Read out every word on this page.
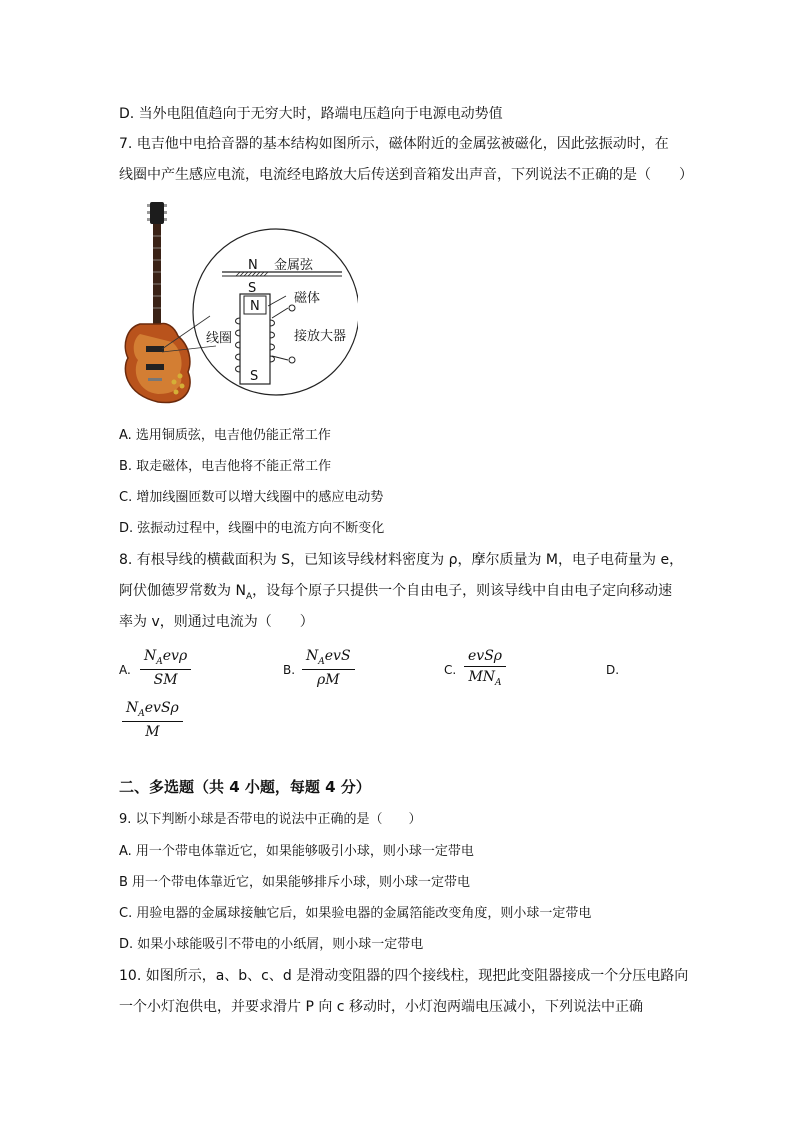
D. 当外电阻值趋向于无穷大时，路端电压趋向于电源电动势值
7. 电吉他中电拾音器的基本结构如图所示，磁体附近的金属弦被磁化，因此弦振动时，在
线圈中产生感应电流，电流经电路放大后传送到音箱发出声音，下列说法不正确的是（　　）
N
S
金属弦
N
S
磁体
接放大器
线圈
A. 选用铜质弦，电吉他仍能正常工作
B. 取走磁体，电吉他将不能正常工作
C. 增加线圈匝数可以增大线圈中的感应电动势
D. 弦振动过程中，线圈中的电流方向不断变化
8. 有根导线的横截面积为 S，已知该导线材料密度为 ρ，摩尔质量为 M，电子电荷量为 e，
阿伏伽德罗常数为 $N_A$，设每个原子只提供一个自由电子，则该导线中自由电子定向移动速
率为 v，则通过电流为（　　）
A.
$N_Aev\rho$
SM
B.
$N_AevS$
ρM
C.
evSρ
$MN_A$
D.
$N_AevS\rho$
M
二、多选题（共 4 小题，每题 4 分）
9. 以下判断小球是否带电的说法中正确的是（　　）
A. 用一个带电体靠近它，如果能够吸引小球，则小球一定带电
B 用一个带电体靠近它，如果能够排斥小球，则小球一定带电
C. 用验电器的金属球接触它后，如果验电器的金属箔能改变角度，则小球一定带电
D. 如果小球能吸引不带电的小纸屑，则小球一定带电
10. 如图所示，a、b、c、d 是滑动变阻器的四个接线柱，现把此变阻器接成一个分压电路向
一个小灯泡供电，并要求滑片 P 向 c 移动时，小灯泡两端电压减小，下列说法中正确
